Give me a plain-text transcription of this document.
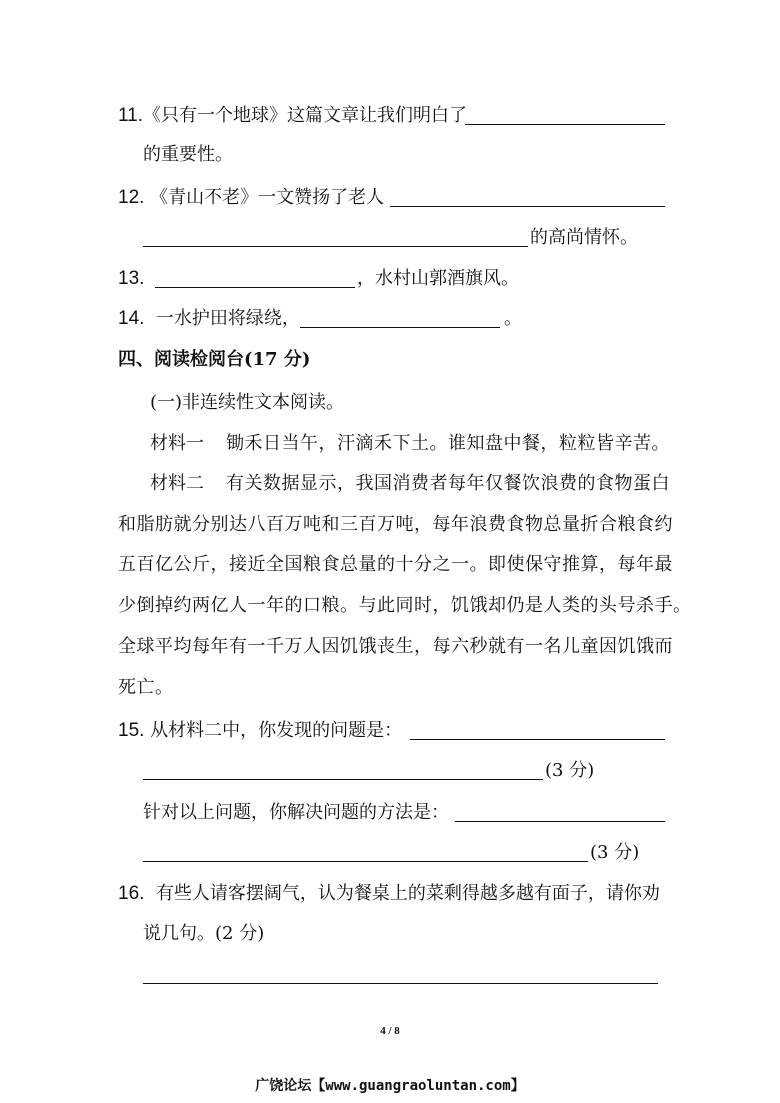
11.《只有一个地球》这篇文章让我们明白了
的重要性。
12. 《青山不老》一文赞扬了老人
的高尚情怀。
13.	，水村山郭酒旗风。
14. 一水护田将绿绕，	。
四、阅读检阅台(17 分)
(一)非连续性文本阅读。
材料一 锄禾日当午，汗滴禾下土。谁知盘中餐，粒粒皆辛苦。
材料二 有关数据显示，我国消费者每年仅餐饮浪费的食物蛋白
和脂肪就分别达八百万吨和三百万吨，每年浪费食物总量折合粮食约
五百亿公斤，接近全国粮食总量的十分之一。即使保守推算，每年最
少倒掉约两亿人一年的口粮。与此同时，饥饿却仍是人类的头号杀手。
全球平均每年有一千万人因饥饿丧生，每六秒就有一名儿童因饥饿而
死亡。
15. 从材料二中，你发现的问题是：
(3 分)
针对以上问题，你解决问题的方法是：
(3 分)
16. 有些人请客摆阔气，认为餐桌上的菜剩得越多越有面子，请你劝
说几句。(2 分)
4 / 8
广饶论坛【www.guangraoluntan.com】
